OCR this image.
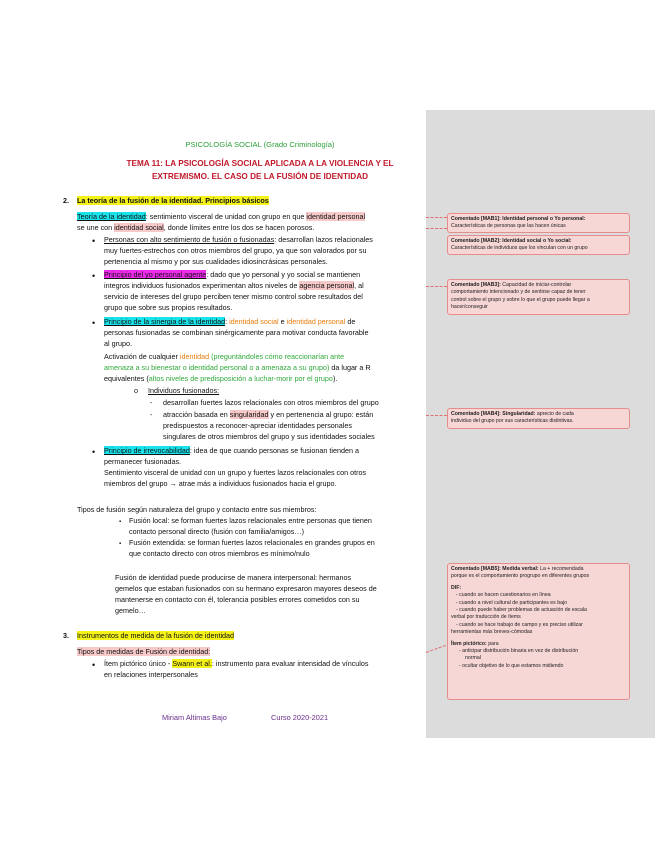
PSICOLOGÍA SOCIAL (Grado Criminología)
TEMA 11: LA PSICOLOGÍA SOCIAL APLICADA A LA VIOLENCIA Y EL
EXTREMISMO. EL CASO DE LA FUSIÓN DE IDENTIDAD
2. La teoría de la fusión de la identidad. Principios básicos
Teoría de la identidad: sentimiento visceral de unidad con grupo en que identidad personal
se une con identidad social, donde límites entre los dos se hacen porosos.
• Personas con alto sentimiento de fusión o fusionadas: desarrollan lazos relacionales
muy fuertes-estrechos con otros miembros del grupo, ya que son valorados por su
pertenencia al mismo y por sus cualidades idiosincrásicas personales.
• Principio del yo personal agente: dado que yo personal y yo social se mantienen
integros individuos fusionados experimentan altos niveles de agencia personal, al
servicio de intereses del grupo perciben tener mismo control sobre resultados del
grupo que sobre sus propios resultados.
• Principio de la sinergia de la identidad: identidad social e identidad personal de
personas fusionadas se combinan sinérgicamente para motivar conducta favorable
al grupo.
Activación de cualquier identidad (preguntándoles cómo reaccionarían ante
amenaza a su bienestar o identidad personal o a amenaza a su grupo) da lugar a R
equivalentes (altos niveles de predisposición a luchar-morir por el grupo).
o Individuos fusionados:
- desarrollan fuertes lazos relacionales con otros miembros del grupo
- atracción basada en singularidad y en pertenencia al grupo: están
predispuestos a reconocer-apreciar identidades personales
singulares de otros miembros del grupo y sus identidades sociales
• Principio de irrevocabilidad: idea de que cuando personas se fusionan tienden a
permanecer fusionadas.
Sentimiento visceral de unidad con un grupo y fuertes lazos relacionales con otros
miembros del grupo → atrae más a individuos fusionados hacia el grupo.
Tipos de fusión según naturaleza del grupo y contacto entre sus miembros:
▪ Fusión local: se forman fuertes lazos relacionales entre personas que tienen
contacto personal directo (fusión con familia/amigos…)
▪ Fusión extendida: se forman fuertes lazos relacionales en grandes grupos en
que contacto directo con otros miembros es mínimo/nulo
Fusión de identidad puede producirse de manera interpersonal: hermanos
gemelos que estaban fusionados con su hermano expresaron mayores deseos de
mantenerse en contacto con él, tolerancia posibles errores cometidos con su
gemelo…
3. Instrumentos de medida de la fusión de identidad
Tipos de medidas de Fusión de identidad:
• Ítem pictórico único - Swann et al.: instrumento para evaluar intensidad de vínculos
en relaciones interpersonales
Miriam Altimas Bajo	Curso 2020-2021

Comentado [MAB1]: Identidad personal o Yo personal:

Características de personas que las hacen únicas

Comentado [MAB2]: Identidad social o Yo social:

Características de individuos que los vinculan con un grupo

Comentado [MAB3]: Capacidad de iniciar-controlar

comportamiento intencionado y de sentirse capaz de tener

control sobre el grupo y sobre lo que el grupo puede llegar a

hacer/conseguir

Comentado [MAB4]: Singularidad: aprecio de cada

individuo del grupo por sus características distintivas.

Comentado [MAB5]: Medida verbal: La + recomendada

porque es el comportamiento progrupo en diferentes grupos

DIF:

- cuando se hacen cuestionarios en línea

- cuando a nivel cultural de participantes es bajo

- cuando puede haber problemas de actuación de escala

verbal por traducción de ítems

- cuando se hace trabajo de campo y es preciso utilizar

herramientas más breves-cómodas

Ítem pictórico: para

- anticipar distribución binaria en vez de distribución

normal

- ocultar objetivo de lo que estamos midiendo
